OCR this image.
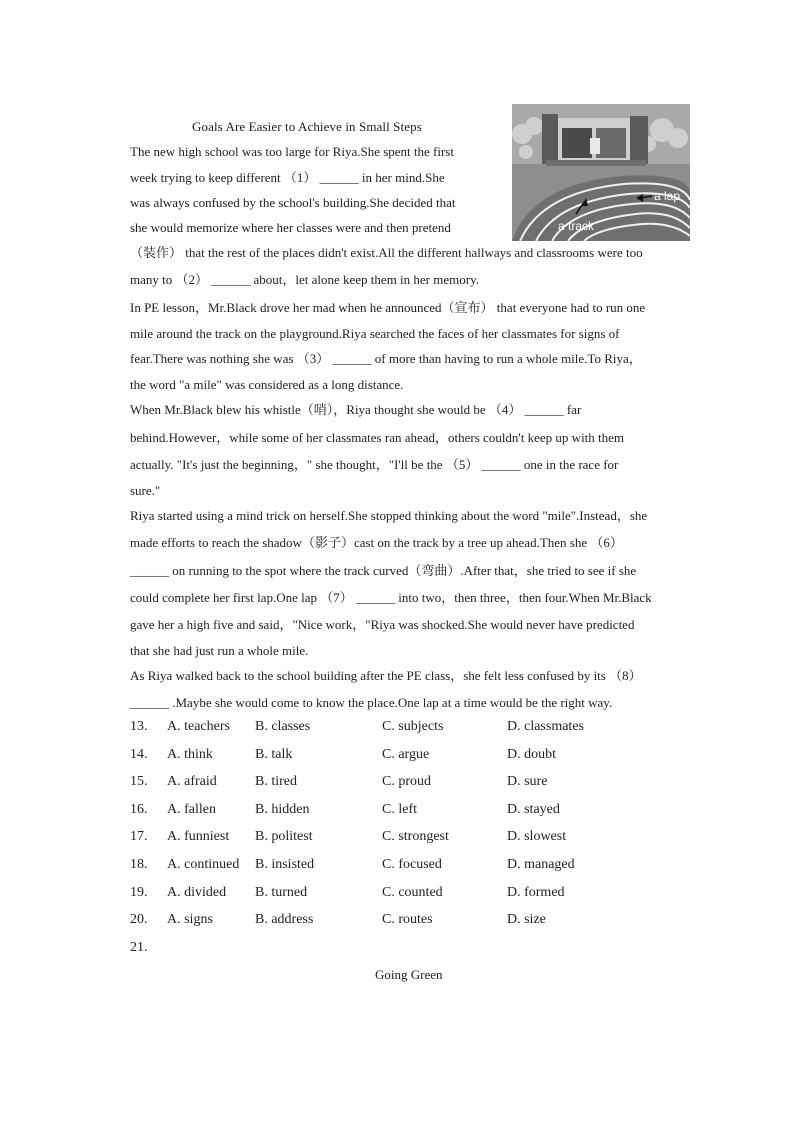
Goals Are Easier to Achieve in Small Steps
a lap
a track
The new high school was too large for Riya.She spent the first
week trying to keep different （1） ______ in her mind.She
was always confused by the school's building.She decided that
she would memorize where her classes were and then pretend
（装作） that the rest of the places didn't exist.All the different hallways and classrooms were too
many to （2） ______ about，let alone keep them in her memory.
In PE lesson，Mr.Black drove her mad when he announced（宣布） that everyone had to run one
mile around the track on the playground.Riya searched the faces of her classmates for signs of
fear.There was nothing she was （3） ______ of more than having to run a whole mile.To Riya，
the word "a mile" was considered as a long distance.
When Mr.Black blew his whistle（哨），Riya thought she would be （4） ______ far
behind.However，while some of her classmates ran ahead，others couldn't keep up with them
actually. "It's just the beginning，" she thought，"I'll be the （5） ______ one in the race for
sure."
Riya started using a mind trick on herself.She stopped thinking about the word "mile".Instead，she
made efforts to reach the shadow（影子）cast on the track by a tree up ahead.Then she （6）
______ on running to the spot where the track curved（弯曲）.After that，she tried to see if she
could complete her first lap.One lap （7） ______ into two，then three，then four.When Mr.Black
gave her a high five and said，"Nice work，"Riya was shocked.She would never have predicted
that she had just run a whole mile.
As Riya walked back to the school building after the PE class，she felt less confused by its （8）
______ .Maybe she would come to know the place.One lap at a time would be the right way.
13. A. teachers B. classes	C. subjects	D. classmates
14. A. think	B. talk	C. argue	D. doubt
15. A. afraid	B. tired	C. proud	D. sure
16. A. fallen	B. hidden	C. left	D. stayed
17. A. funniest B. politest	C. strongest	D. slowest
18. A. continued B. insisted	C. focused	D. managed
19. A. divided B. turned	C. counted	D. formed
20. A. signs	B. address	C. routes	D. size
21.
Going Green
